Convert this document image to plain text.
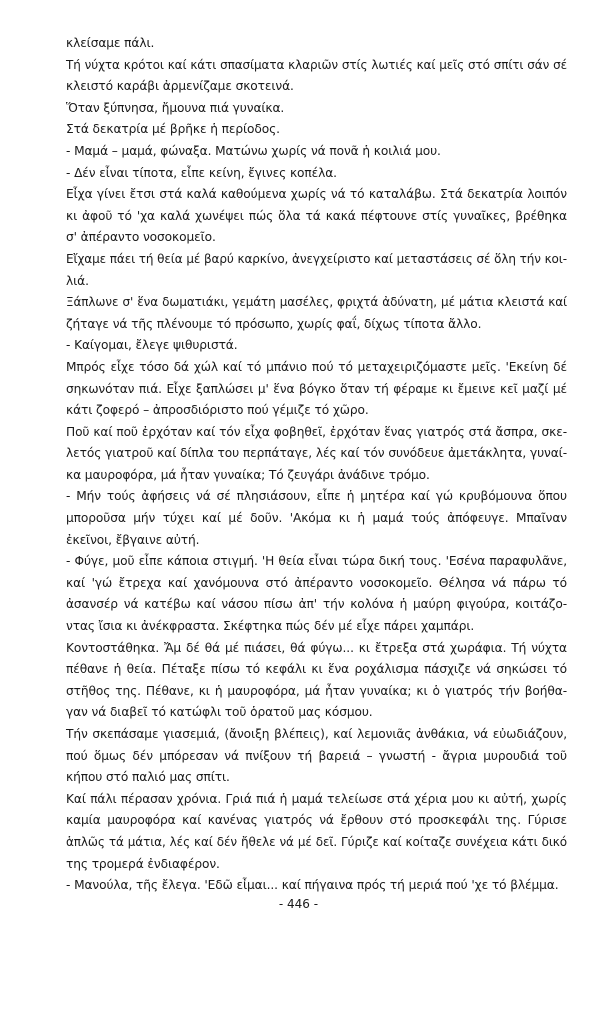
κλείσαμε πάλι.
Τή νύχτα κρότοι καί κάτι σπασίματα κλαριῶν στίς λωτιές καί μεῖς στό σπίτι σάν σέ
κλειστό καράβι ἀρμενίζαμε σκοτεινά.
Ὅταν ξύπνησα, ἤμουνα πιά γυναίκα.
Στά δεκατρία μέ βρῆκε ἡ περίοδος.
- Μαμά – μαμά, φώναξα. Ματώνω χωρίς νά πονᾶ ἡ κοιλιά μου.
- Δέν εἶναι τίποτα, εἶπε κείνη, ἔγινες κοπέλα.
Εἶχα γίνει ἔτσι στά καλά καθούμενα χωρίς νά τό καταλάβω. Στά δεκατρία λοιπόν
κι ἀφοῦ τό 'χα καλά χωνέψει πώς ὅλα τά κακά πέφτουνε στίς γυναῖκες, βρέθηκα
σ' ἀπέραντο νοσοκομεῖο.
Εἴχαμε πάει τή θεία μέ βαρύ καρκίνο, ἀνεγχείριστο καί μεταστάσεις σέ ὅλη τήν κοι-
λιά.
Ξάπλωνε σ' ἕνα δωματιάκι, γεμάτη μασέλες, φριχτά ἀδύνατη, μέ μάτια κλειστά καί
ζήταγε νά τῆς πλένουμε τό πρόσωπο, χωρίς φαΐ, δίχως τίποτα ἄλλο.
- Καίγομαι, ἔλεγε ψιθυριστά.
Μπρός εἶχε τόσο δά χώλ καί τό μπάνιο πού τό μεταχειριζόμαστε μεῖς. 'Εκείνη δέ
σηκωνόταν πιά. Εἶχε ξαπλώσει μ' ἕνα βόγκο ὅταν τή φέραμε κι ἔμεινε κεῖ μαζί μέ
κάτι ζοφερό – ἀπροσδιόριστο πού γέμιζε τό χῶρο.
Ποῦ καί ποῦ ἐρχόταν καί τόν εἶχα φοβηθεῖ, ἐρχόταν ἕνας γιατρός στά ἄσπρα, σκε-
λετός γιατροῦ καί δίπλα του περπάταγε, λές καί τόν συνόδευε ἀμετάκλητα, γυναί-
κα μαυροφόρα, μά ἦταν γυναίκα; Τό ζευγάρι ἀνάδινε τρόμο.
- Μήν τούς ἀφήσεις νά σέ πλησιάσουν, εἶπε ἡ μητέρα καί γώ κρυβόμουνα ὅπου
μποροῦσα μήν τύχει καί μέ δοῦν. 'Ακόμα κι ἡ μαμά τούς ἀπόφευγε. Μπαῖναν
ἐκεῖνοι, ἔβγαινε αὐτή.
- Φύγε, μοῦ εἶπε κάποια στιγμή. 'Η θεία εἶναι τώρα δική τους. 'Εσένα παραφυλᾶνε,
καί 'γώ ἔτρεχα καί χανόμουνα στό ἀπέραντο νοσοκομεῖο. Θέλησα νά πάρω τό
ἀσανσέρ νά κατέβω καί νάσου πίσω ἀπ' τήν κολόνα ἡ μαύρη φιγούρα, κοιτάζο-
ντας ἴσια κι ἀνέκφραστα. Σκέφτηκα πώς δέν μέ εἶχε πάρει χαμπάρι.
Κοντοστάθηκα. Ἄμ δέ θά μέ πιάσει, θά φύγω... κι ἔτρεξα στά χωράφια. Τή νύχτα
πέθανε ἡ θεία. Πέταξε πίσω τό κεφάλι κι ἕνα ροχάλισμα πάσχιζε νά σηκώσει τό
στῆθος της. Πέθανε, κι ἡ μαυροφόρα, μά ἦταν γυναίκα; κι ὁ γιατρός τήν βοήθα-
γαν νά διαβεῖ τό κατώφλι τοῦ ὁρατοῦ μας κόσμου.
Τήν σκεπάσαμε γιασεμιά, (ἄνοιξη βλέπεις), καί λεμονιᾶς ἀνθάκια, νά εὐωδιάζουν,
πού ὅμως δέν μπόρεσαν νά πνίξουν τή βαρειά – γνωστή - ἄγρια μυρουδιά τοῦ
κήπου στό παλιό μας σπίτι.
Καί πάλι πέρασαν χρόνια. Γριά πιά ἡ μαμά τελείωσε στά χέρια μου κι αὐτή, χωρίς
καμία μαυροφόρα καί κανένας γιατρός νά ἔρθουν στό προσκεφάλι της. Γύρισε
ἁπλῶς τά μάτια, λές καί δέν ἤθελε νά μέ δεῖ. Γύριζε καί κοίταζε συνέχεια κάτι δικό
της τρομερά ἐνδιαφέρον.
- Μανούλα, τῆς ἔλεγα. 'Εδῶ εἶμαι... καί πήγαινα πρός τή μεριά πού 'χε τό βλέμμα.
- 446 -
